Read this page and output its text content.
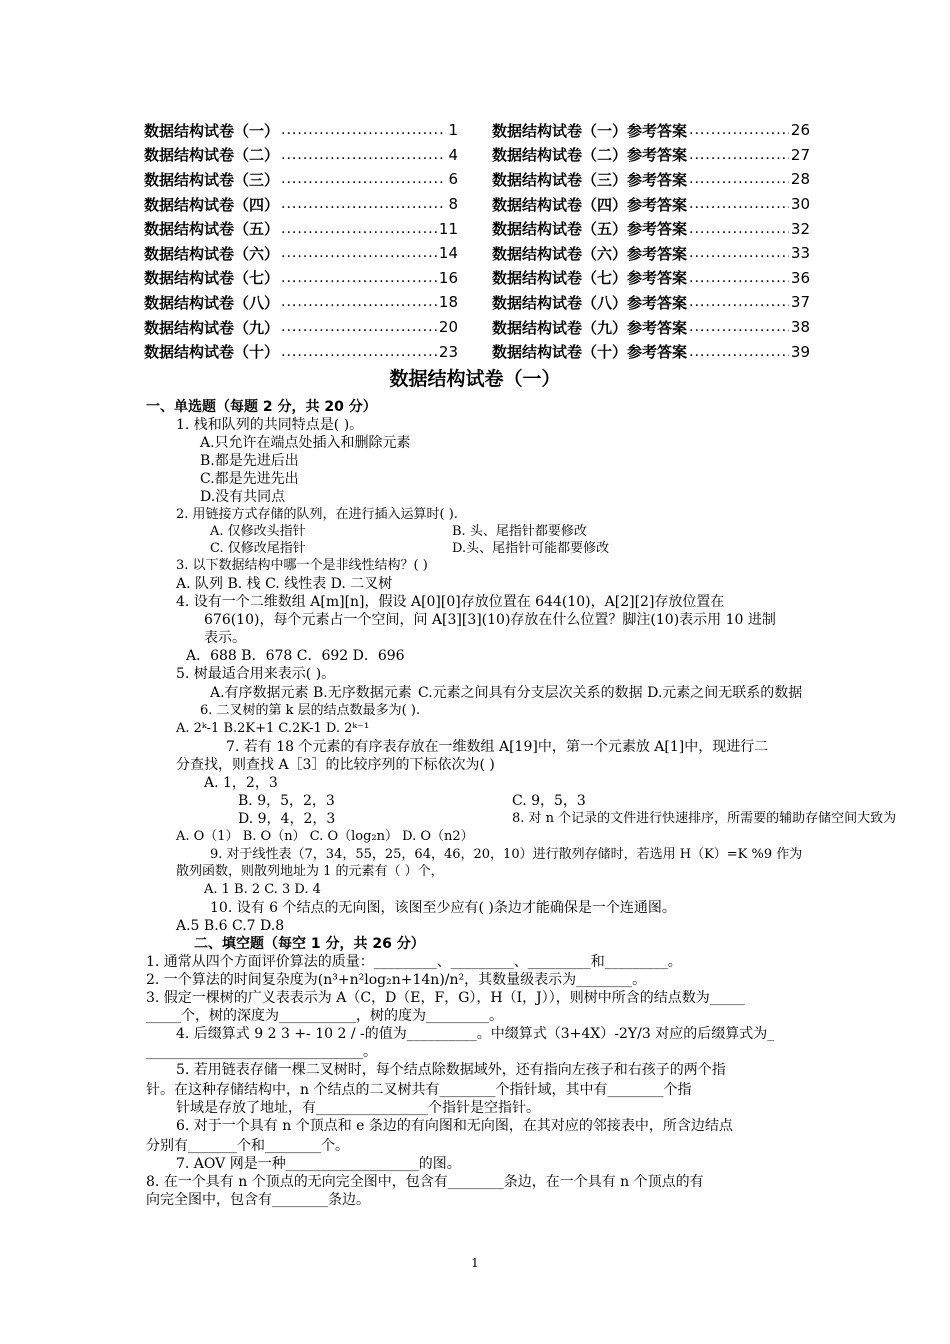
数据结构试卷（一） .....	1 数据结构试卷（一）参考答案 .....	26
数据结构试卷（二） .....	4 数据结构试卷（二）参考答案 .....	27
数据结构试卷（三） .....	6 数据结构试卷（三）参考答案 .....	28
数据结构试卷（四） .....	8 数据结构试卷（四）参考答案 .....	30
数据结构试卷（五） .....	11 数据结构试卷（五）参考答案 .....	32
数据结构试卷（六） .....	14 数据结构试卷（六）参考答案 .....	33
数据结构试卷（七） .....	16 数据结构试卷（七）参考答案 .....	36
数据结构试卷（八） .....	18 数据结构试卷（八）参考答案 .....	37
数据结构试卷（九） .....	20 数据结构试卷（九）参考答案 .....	38
数据结构试卷（十） .....	23 数据结构试卷（十）参考答案 .....	39
数据结构试卷（一）
一、单选题（每题 2 分，共 20 分）
1. 栈和队列的共同特点是( )。
A.只允许在端点处插入和删除元素
B.都是先进后出
C.都是先进先出
D.没有共同点
2. 用链接方式存储的队列，在进行插入运算时( ).
A. 仅修改头指针	B. 头、尾指针都要修改
C. 仅修改尾指针	D.头、尾指针可能都要修改
3. 以下数据结构中哪一个是非线性结构？( )
A. 队列 B. 栈 C. 线性表 D. 二叉树
4. 设有一个二维数组 A[m][n]，假设 A[0][0]存放位置在 644(10)，A[2][2]存放位置在
676(10)，每个元素占一个空间，问 A[3][3](10)存放在什么位置？脚注(10)表示用 10 进制
表示。
A．688 B．678 C．692 D．696
5. 树最适合用来表示( )。
A.有序数据元素 B.无序数据元素 C.元素之间具有分支层次关系的数据 D.元素之间无联系的数据
6. 二叉树的第 k 层的结点数最多为( ).
A. 2ᵏ-1 B.2K+1 C.2K-1 D. 2ᵏ⁻¹
7. 若有 18 个元素的有序表存放在一维数组 A[19]中，第一个元素放 A[1]中，现进行二
分查找，则查找 A［3］的比较序列的下标依次为( )
A. 1，2，3
B. 9，5，2，3	C. 9，5，3
D. 9，4，2，3	8. 对 n 个记录的文件进行快速排序，所需要的辅助存储空间大致为
A. O（1） B. O（n） C. O（log₂n） D. O（n2）
9. 对于线性表（7，34，55，25，64，46，20，10）进行散列存储时，若选用 H（K）=K %9 作为
散列函数，则散列地址为 1 的元素有（ ）个，
A. 1 B. 2 C. 3 D. 4
10. 设有 6 个结点的无向图，该图至少应有( )条边才能确保是一个连通图。
A.5 B.6 C.7 D.8
二、填空题（每空 1 分，共 26 分）
1. 通常从四个方面评价算法的质量：_________、_________、_________和_________。
2. 一个算法的时间复杂度为(n³+n²log₂n+14n)/n²，其数量级表示为________。
3. 假定一棵树的广义表表示为 A（C，D（E，F，G），H（I，J）），则树中所含的结点数为_____
_____个，树的深度为___________，树的度为_________。
4. 后缀算式 9 2 3 +- 10 2 / -的值为__________。中缀算式（3+4X）-2Y/3 对应的后缀算式为_
_______________________________。
5. 若用链表存储一棵二叉树时，每个结点除数据域外，还有指向左孩子和右孩子的两个指
针。在这种存储结构中，n 个结点的二叉树共有________个指针域，其中有________个指
针域是存放了地址，有________________个指针是空指针。
6. 对于一个具有 n 个顶点和 e 条边的有向图和无向图，在其对应的邻接表中，所含边结点
分别有_______个和________个。
7. AOV 网是一种___________________的图。
8. 在一个具有 n 个顶点的无向完全图中，包含有________条边，在一个具有 n 个顶点的有
向完全图中，包含有________条边。
1
